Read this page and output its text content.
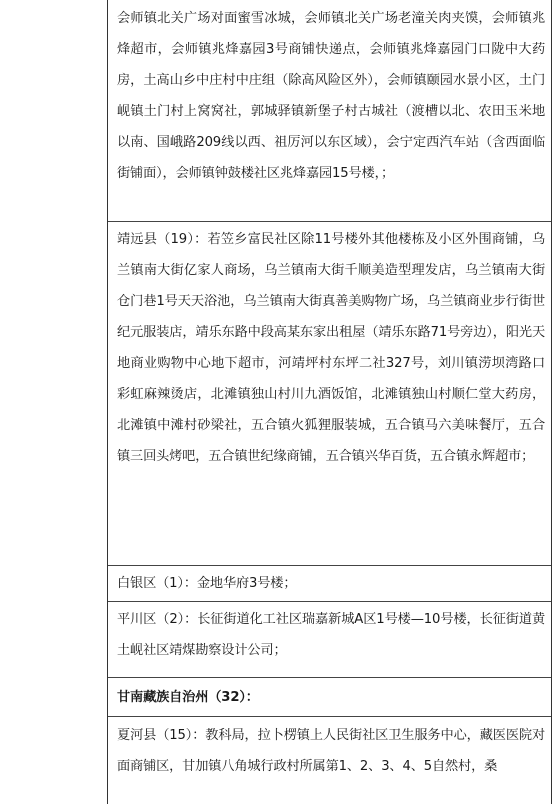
会师镇北关广场对面蜜雪冰城，会师镇北关广场老潼关肉夹馍，会师镇兆烽超市，会师镇兆烽嘉园3号商铺快递点，会师镇兆烽嘉园门口陇中大药房，土高山乡中庄村中庄组（除高风险区外），会师镇颐园水景小区，土门岘镇土门村上窝窝社，郭城驿镇新堡子村古城社（渡槽以北、农田玉米地以南、国峨路209线以西、祖厉河以东区域），会宁定西汽车站（含西面临街铺面），会师镇钟鼓楼社区兆烽嘉园15号楼，；

靖远县（19）：若笠乡富民社区除11号楼外其他楼栋及小区外围商铺，乌兰镇南大街亿家人商场，乌兰镇南大街千顺美造型理发店，乌兰镇南大街仓门巷1号天天浴池，乌兰镇南大街真善美购物广场，乌兰镇商业步行街世纪元服装店，靖乐东路中段高某东家出租屋（靖乐东路71号旁边），阳光天地商业购物中心地下超市，河靖坪村东坪二社327号，刘川镇涝坝湾路口彩虹麻辣烫店，北滩镇独山村川九酒饭馆，北滩镇独山村顺仁堂大药房，北滩镇中滩村砂梁社，五合镇火狐狸服装城，五合镇马六美味餐厅，五合镇三回头烤吧，五合镇世纪缘商铺，五合镇兴华百货，五合镇永辉超市；

白银区（1）：金地华府3号楼；

平川区（2）：长征街道化工社区瑞嘉新城A区1号楼—10号楼，长征街道黄土岘社区靖煤勘察设计公司；

甘南藏族自治州（32）：

夏河县（15）：教科局，拉卜楞镇上人民街社区卫生服务中心，藏医医院对面商铺区，甘加镇八角城行政村所属第1、2、3、4、5自然村，桑
